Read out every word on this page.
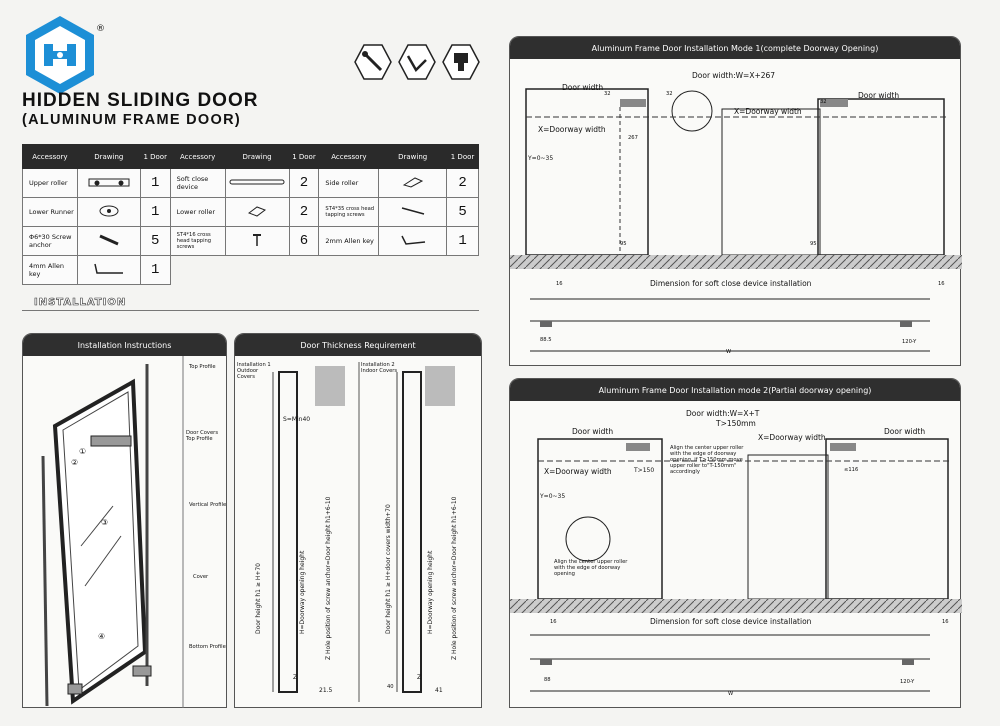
®
HIDDEN SLIDING DOOR
(ALUMINUM FRAME DOOR)
Accessory	Drawing	1 Door	Accessory	Drawing	1 Door	Accessory	Drawing	1 Door
Upper roller		1	Soft close device		2	Side roller		2
Lower Runner		1	Lower roller		2	ST4*35 cross head tapping screws		5
Φ6*30 Screw anchor		5	ST4*16 cross head tapping screws		6	2mm Allen key		1
4mm Allen key		1						
INSTALLATION
Installation Instructions
①
②
③
④
Top Profile
Door Covers Top Profile
Vertical Profile
Cover
Bottom Profile
Door Thickness Requirement
Installation 1 Outdoor Covers
Installation 2 Indoor Covers
S=Min40
Door height h1 ≥ H+70	H=Doorway opening height	Z Hole position of screw anchor=Door height h1+6-10	Door height h1 ≥ H+door covers width+70	H=Doorway opening height	Z Hole position of screw anchor=Door height h1+6-10
21.5	41
Z	Z
40
Aluminum Frame Door Installation Mode 1(complete Doorway Opening)
Door width:W=X+267
Door width
Door width
X=Doorway width
X=Doorway width
Y=0~35
32	32
32
267
95	95
Dimension for soft close device installation
16	16
88.5	120-Y
W
Aluminum Frame Door Installation mode 2(Partial doorway opening)
Door width:W=X+T
T>150mm
Door width	Door width
X=Doorway width
X=Doorway width	T>150	≤116
Y=0~35
Align the center upper roller with the edge of doorway opening, if T>150mm,move upper roller to"T-150mm" accordingly
Align the center upper roller with the edge of doorway opening
Dimension for soft close device installation
16	16
88	120-Y
W
